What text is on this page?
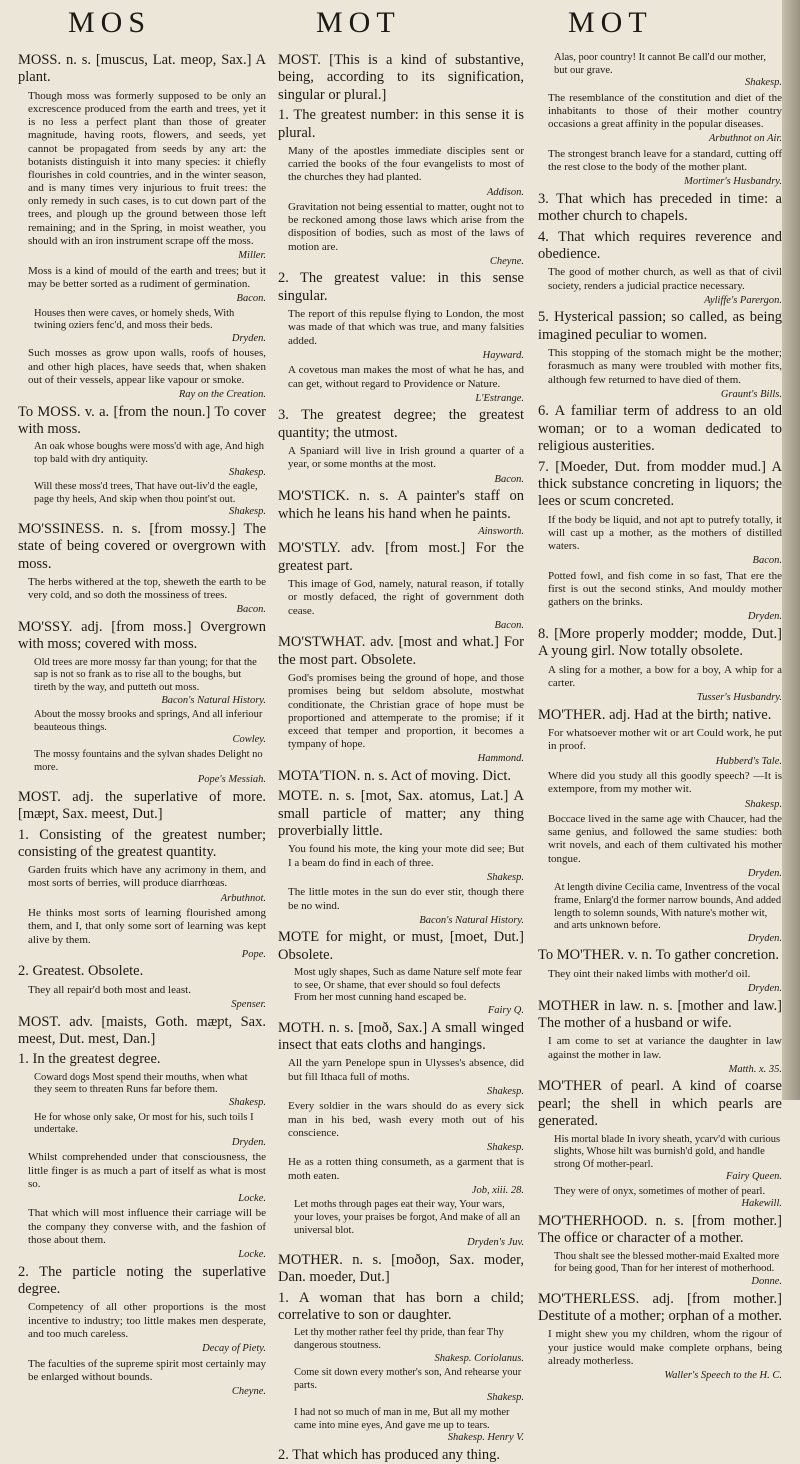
MOS	MOT	MOT
MOSS. n. s. [muscus, Lat. meoƿ, Sax.] A plant.
Though moss was formerly supposed to be only an excrescence produced from the earth and trees, yet it is no less a perfect plant than those of greater magnitude, having roots, flowers, and seeds, yet cannot be propagated from seeds by any art: the botanists distinguish it into many species: it chiefly flourishes in cold countries, and in the winter season, and is many times very injurious to fruit trees: the only remedy in such cases, is to cut down part of the trees, and plough up the ground between those left remaining; and in the Spring, in moist weather, you should with an iron instrument scrape off the moss.
Miller.
Moss is a kind of mould of the earth and trees; but it may be better sorted as a rudiment of germination.
Bacon.
Houses then were caves, or homely sheds, With twining oziers fenc'd, and moss their beds.
Dryden.
Such mosses as grow upon walls, roofs of houses, and other high places, have seeds that, when shaken out of their vessels, appear like vapour or smoke.
Ray on the Creation.
To MOSS. v. a. [from the noun.] To cover with moss.
An oak whose boughs were moss'd with age, And high top bald with dry antiquity.
Shakesp.
Will these moss'd trees, That have out-liv'd the eagle, page thy heels, And skip when thou point'st out.
Shakesp.
MO'SSINESS. n. s. [from mossy.] The state of being covered or overgrown with moss.
The herbs withered at the top, sheweth the earth to be very cold, and so doth the mossiness of trees.
Bacon.
MO'SSY. adj. [from moss.] Overgrown with moss; covered with moss.
Old trees are more mossy far than young; for that the sap is not so frank as to rise all to the boughs, but tireth by the way, and putteth out moss.
Bacon's Natural History.
About the mossy brooks and springs, And all inferiour beauteous things.
Cowley.
The mossy fountains and the sylvan shades Delight no more.
Pope's Messiah.
MOST. adj. the superlative of more. [mæƿt, Sax. meest, Dut.]
1. Consisting of the greatest number; consisting of the greatest quantity.
Garden fruits which have any acrimony in them, and most sorts of berries, will produce diarrhœas.
Arbuthnot.
He thinks most sorts of learning flourished among them, and I, that only some sort of learning was kept alive by them.
Pope.
2. Greatest. Obsolete.
They all repair'd both most and least.
Spenser.
MOST. adv. [maists, Goth. mæƿt, Sax. meest, Dut. mest, Dan.]
1. In the greatest degree.
Coward dogs Most spend their mouths, when what they seem to threaten Runs far before them.
Shakesp.
He for whose only sake, Or most for his, such toils I undertake.
Dryden.
Whilst comprehended under that consciousness, the little finger is as much a part of itself as what is most so.
Locke.
That which will most influence their carriage will be the company they converse with, and the fashion of those about them.
Locke.
2. The particle noting the superlative degree.
Competency of all other proportions is the most incentive to industry; too little makes men desperate, and too much careless.
Decay of Piety.
The faculties of the supreme spirit most certainly may be enlarged without bounds.
Cheyne.
MOST. [This is a kind of substantive, being, according to its signification, singular or plural.]
1. The greatest number: in this sense it is plural.
Many of the apostles immediate disciples sent or carried the books of the four evangelists to most of the churches they had planted.
Addison.
Gravitation not being essential to matter, ought not to be reckoned among those laws which arise from the disposition of bodies, such as most of the laws of motion are.
Cheyne.
2. The greatest value: in this sense singular.
The report of this repulse flying to London, the most was made of that which was true, and many falsities added.
Hayward.
A covetous man makes the most of what he has, and can get, without regard to Providence or Nature.
L'Estrange.
3. The greatest degree; the greatest quantity; the utmost.
A Spaniard will live in Irish ground a quarter of a year, or some months at the most.
Bacon.
MO'STICK. n. s. A painter's staff on which he leans his hand when he paints.
Ainsworth.
MO'STLY. adv. [from most.] For the greatest part.
This image of God, namely, natural reason, if totally or mostly defaced, the right of government doth cease.
Bacon.
MO'STWHAT. adv. [most and what.] For the most part. Obsolete.
God's promises being the ground of hope, and those promises being but seldom absolute, mostwhat conditionate, the Christian grace of hope must be proportioned and attemperate to the promise; if it exceed that temper and proportion, it becomes a tympany of hope.
Hammond.
MOTA'TION. n. s. Act of moving. Dict.
MOTE. n. s. [mot, Sax. atomus, Lat.] A small particle of matter; any thing proverbially little.
You found his mote, the king your mote did see; But I a beam do find in each of three.
Shakesp.
The little motes in the sun do ever stir, though there be no wind.
Bacon's Natural History.
MOTE for might, or must, [moet, Dut.] Obsolete.
Most ugly shapes, Such as dame Nature self mote fear to see, Or shame, that ever should so foul defects From her most cunning hand escaped be.
Fairy Q.
MOTH. n. s. [moð, Sax.] A small winged insect that eats cloths and hangings.
All the yarn Penelope spun in Ulysses's absence, did but fill Ithaca full of moths.
Shakesp.
Every soldier in the wars should do as every sick man in his bed, wash every moth out of his conscience.
Shakesp.
He as a rotten thing consumeth, as a garment that is moth eaten.
Job, xiii. 28.
Let moths through pages eat their way, Your wars, your loves, your praises be forgot, And make of all an universal blot.
Dryden's Juv.
MOTHER. n. s. [moðoɲ, Sax. moder, Dan. moeder, Dut.]
1. A woman that has born a child; correlative to son or daughter.
Let thy mother rather feel thy pride, than fear Thy dangerous stoutness.
Shakesp. Coriolanus.
Come sit down every mother's son, And rehearse your parts.
Shakesp.
I had not so much of man in me, But all my mother came into mine eyes, And gave me up to tears.
Shakesp. Henry V.
2. That which has produced any thing.
Alas, poor country! It cannot Be call'd our mother, but our grave.
Shakesp.
The resemblance of the constitution and diet of the inhabitants to those of their mother country occasions a great affinity in the popular diseases.
Arbuthnot on Air.
The strongest branch leave for a standard, cutting off the rest close to the body of the mother plant.
Mortimer's Husbandry.
3. That which has preceded in time: a mother church to chapels.
4. That which requires reverence and obedience.
The good of mother church, as well as that of civil society, renders a judicial practice necessary.
Ayliffe's Parergon.
5. Hysterical passion; so called, as being imagined peculiar to women.
This stopping of the stomach might be the mother; forasmuch as many were troubled with mother fits, although few returned to have died of them.
Graunt's Bills.
6. A familiar term of address to an old woman; or to a woman dedicated to religious austerities.
7. [Moeder, Dut. from modder mud.] A thick substance concreting in liquors; the lees or scum concreted.
If the body be liquid, and not apt to putrefy totally, it will cast up a mother, as the mothers of distilled waters.
Bacon.
Potted fowl, and fish come in so fast, That ere the first is out the second stinks, And mouldy mother gathers on the brinks.
Dryden.
8. [More properly modder; modde, Dut.] A young girl. Now totally obsolete.
A sling for a mother, a bow for a boy, A whip for a carter.
Tusser's Husbandry.
MO'THER. adj. Had at the birth; native.
For whatsoever mother wit or art Could work, he put in proof.
Hubberd's Tale.
Where did you study all this goodly speech? —It is extempore, from my mother wit.
Shakesp.
Boccace lived in the same age with Chaucer, had the same genius, and followed the same studies: both writ novels, and each of them cultivated his mother tongue.
Dryden.
At length divine Cecilia came, Inventress of the vocal frame, Enlarg'd the former narrow bounds, And added length to solemn sounds, With nature's mother wit, and arts unknown before.
Dryden.
To MO'THER. v. n. To gather concretion.
They oint their naked limbs with mother'd oil.
Dryden.
MOTHER in law. n. s. [mother and law.] The mother of a husband or wife.
I am come to set at variance the daughter in law against the mother in law.
Matth. x. 35.
MO'THER of pearl. A kind of coarse pearl; the shell in which pearls are generated.
His mortal blade In ivory sheath, ycarv'd with curious slights, Whose hilt was burnish'd gold, and handle strong Of mother-pearl.
Fairy Queen.
They were of onyx, sometimes of mother of pearl.
Hakewill.
MO'THERHOOD. n. s. [from mother.] The office or character of a mother.
Thou shalt see the blessed mother-maid Exalted more for being good, Than for her interest of motherhood.
Donne.
MO'THERLESS. adj. [from mother.] Destitute of a mother; orphan of a mother.
I might shew you my children, whom the rigour of your justice would make complete orphans, being already motherless.
Waller's Speech to the H. C.
